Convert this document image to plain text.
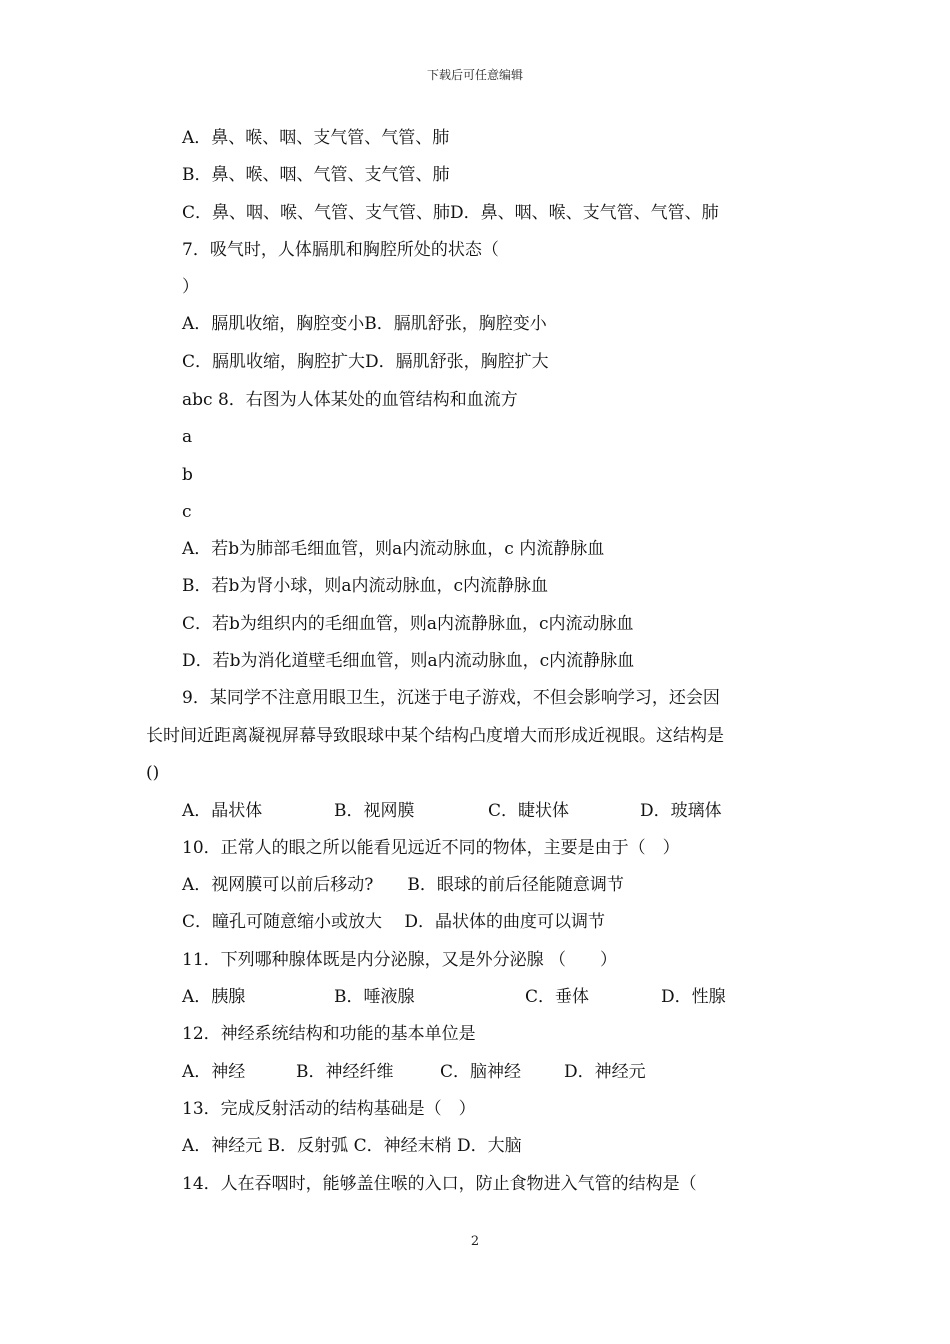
下载后可任意编辑
A．鼻、喉、咽、支气管、气管、肺
B．鼻、喉、咽、气管、支气管、肺
C．鼻、咽、喉、气管、支气管、肺D．鼻、咽、喉、支气管、气管、肺
7．吸气时，人体膈肌和胸腔所处的状态（
）
A．膈肌收缩，胸腔变小B．膈肌舒张，胸腔变小
C．膈肌收缩，胸腔扩大D．膈肌舒张，胸腔扩大
abc 8．右图为人体某处的血管结构和血流方
a
b
c
A．若b为肺部毛细血管，则a内流动脉血，c 内流静脉血
B．若b为肾小球，则a内流动脉血，c内流静脉血
C．若b为组织内的毛细血管，则a内流静脉血，c内流动脉血
D．若b为消化道壁毛细血管，则a内流动脉血，c内流静脉血
9．某同学不注意用眼卫生，沉迷于电子游戏，不但会影响学习，还会因
长时间近距离凝视屏幕导致眼球中某个结构凸度增大而形成近视眼。这结构是
()
A．晶状体	B．视网膜	C．睫状体	D．玻璃体
10．正常人的眼之所以能看见远近不同的物体，主要是由于（　）
A．视网膜可以前后移动?　　B．眼球的前后径能随意调节
C．瞳孔可随意缩小或放大　 D．晶状体的曲度可以调节
11．下列哪种腺体既是内分泌腺，又是外分泌腺 （　　）
A．胰腺	B．唾液腺	C．垂体	D．性腺
12．神经系统结构和功能的基本单位是
A．神经	B．神经纤维	C．脑神经	D．神经元
13．完成反射活动的结构基础是（　）
A．神经元 B．反射弧 C．神经末梢 D．大脑
14．人在吞咽时，能够盖住喉的入口，防止食物进入气管的结构是（
2
